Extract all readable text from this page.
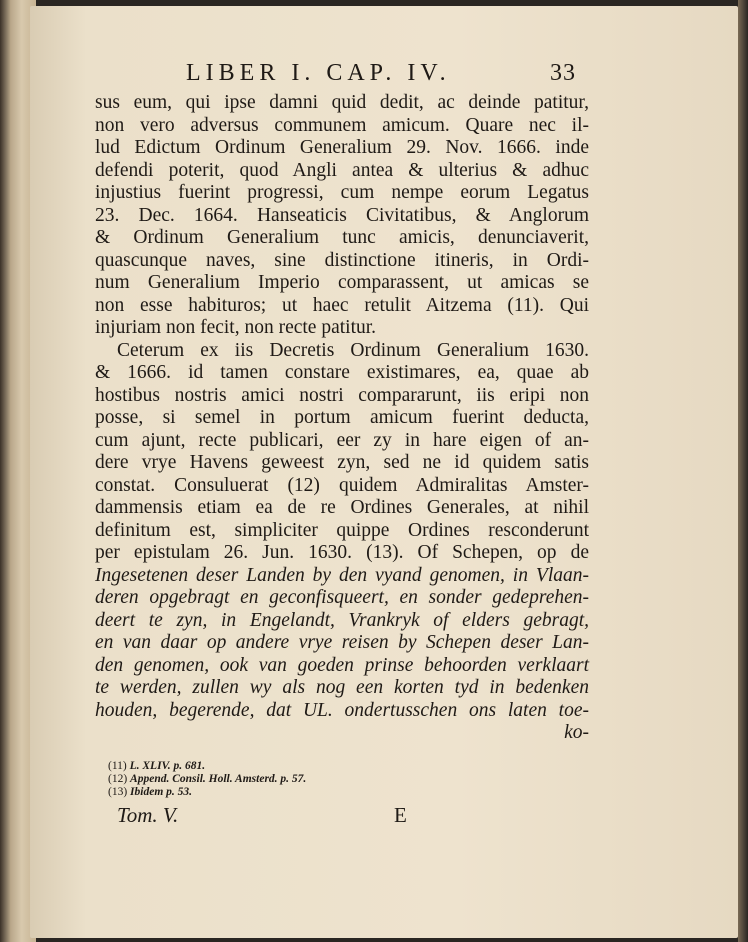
LIBER I. CAP. IV.	33
sus eum, qui ipse damni quid dedit, ac deinde patitur,
non vero adversus communem amicum. Quare nec il-
lud Edictum Ordinum Generalium 29. Nov. 1666. inde
defendi poterit, quod Angli antea & ulterius & adhuc
injustius fuerint progressi, cum nempe eorum Legatus
23. Dec. 1664. Hanseaticis Civitatibus, & Anglorum
& Ordinum Generalium tunc amicis, denunciaverit,
quascunque naves, sine distinctione itineris, in Ordi-
num Generalium Imperio comparassent, ut amicas se
non esse habituros; ut haec retulit Aitzema (11). Qui
injuriam non fecit, non recte patitur.
Ceterum ex iis Decretis Ordinum Generalium 1630.
& 1666. id tamen constare existimares, ea, quae ab
hostibus nostris amici nostri compararunt, iis eripi non
posse, si semel in portum amicum fuerint deducta,
cum ajunt, recte publicari, eer zy in hare eigen of an-
dere vrye Havens geweest zyn, sed ne id quidem satis
constat. Consuluerat (12) quidem Admiralitas Amster-
dammensis etiam ea de re Ordines Generales, at nihil
definitum est, simpliciter quippe Ordines resconderunt
per epistulam 26. Jun. 1630. (13). Of Schepen, op de
Ingesetenen deser Landen by den vyand genomen, in Vlaan-
deren opgebragt en geconfisqueert, en sonder gedeprehen-
deert te zyn, in Engelandt, Vrankryk of elders gebragt,
en van daar op andere vrye reisen by Schepen deser Lan-
den genomen, ook van goeden prinse behoorden verklaart
te werden, zullen wy als nog een korten tyd in bedenken
houden, begerende, dat UL. ondertusschen ons laten toe-
ko-
(11) L. XLIV. p. 681.
(12) Append. Consil. Holl. Amsterd. p. 57.
(13) Ibidem p. 53.
Tom. V.	E
